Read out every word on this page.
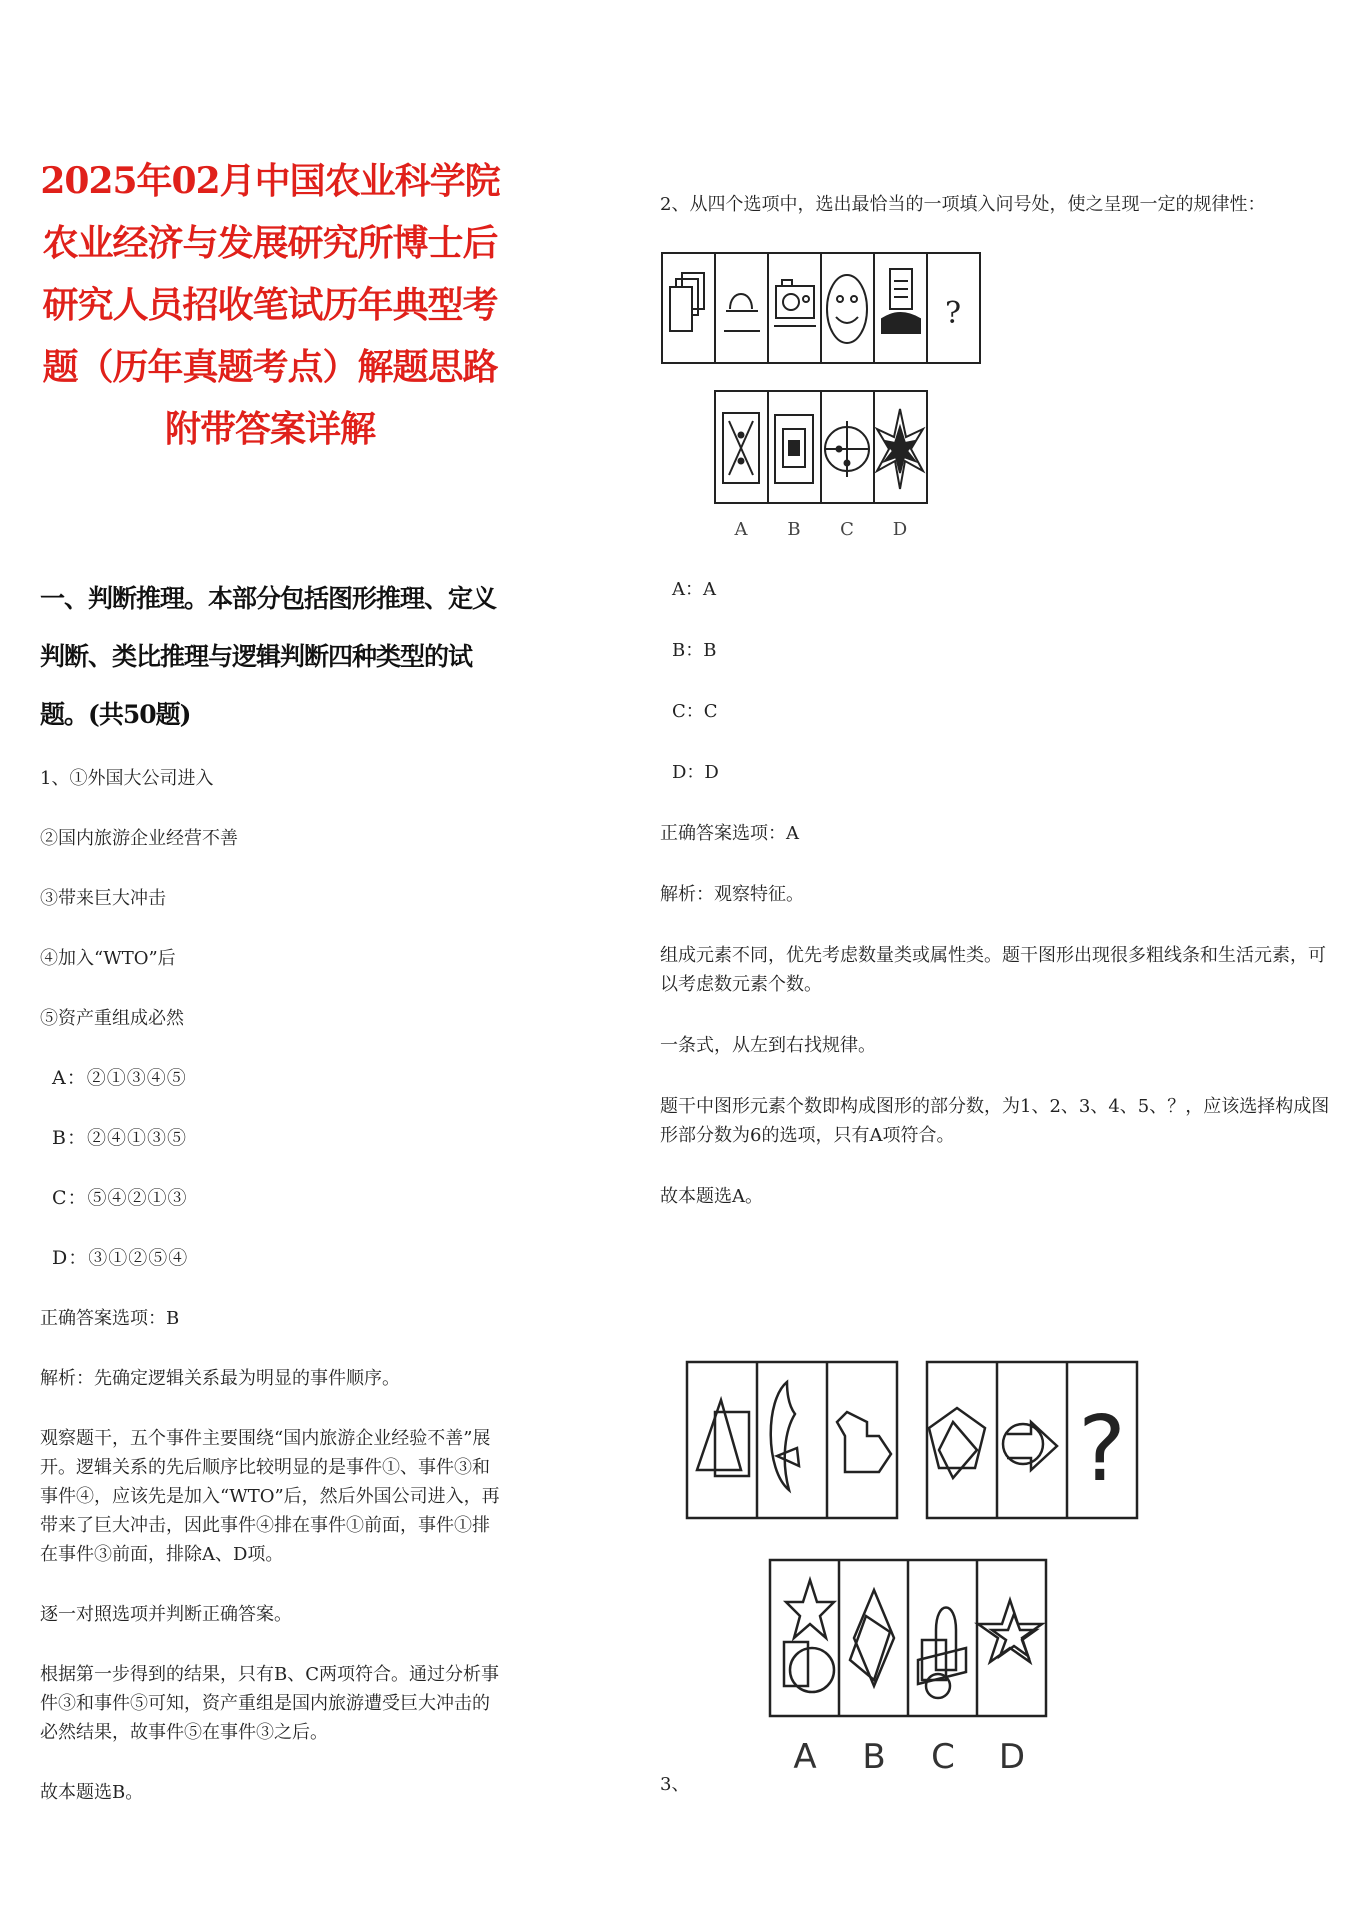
2025年02月中国农业科学院农业经济与发展研究所博士后研究人员招收笔试历年典型考题（历年真题考点）解题思路附带答案详解
一、判断推理。本部分包括图形推理、定义判断、类比推理与逻辑判断四种类型的试题。(共50题)
1、①外国大公司进入
②国内旅游企业经营不善
③带来巨大冲击
④加入“WTO”后
⑤资产重组成必然
A：②①③④⑤
B：②④①③⑤
C：⑤④②①③
D：③①②⑤④
正确答案选项：B
解析：先确定逻辑关系最为明显的事件顺序。
观察题干，五个事件主要围绕“国内旅游企业经验不善”展开。逻辑关系的先后顺序比较明显的是事件①、事件③和事件④，应该先是加入“WTO”后，然后外国公司进入，再带来了巨大冲击，因此事件④排在事件①前面，事件①排在事件③前面，排除A、D项。
逐一对照选项并判断正确答案。
根据第一步得到的结果，只有B、C两项符合。通过分析事件③和事件⑤可知，资产重组是国内旅游遭受巨大冲击的必然结果，故事件⑤在事件③之后。
故本题选B。
2、从四个选项中，选出最恰当的一项填入问号处，使之呈现一定的规律性：
?
A B C D
A：A
B：B
C：C
D：D
正确答案选项：A
解析：观察特征。
组成元素不同，优先考虑数量类或属性类。题干图形出现很多粗线条和生活元素，可以考虑数元素个数。
一条式，从左到右找规律。
题干中图形元素个数即构成图形的部分数，为1、2、3、4、5、？，应该选择构成图形部分数为6的选项，只有A项符合。
故本题选A。
?
A B C D
3、
